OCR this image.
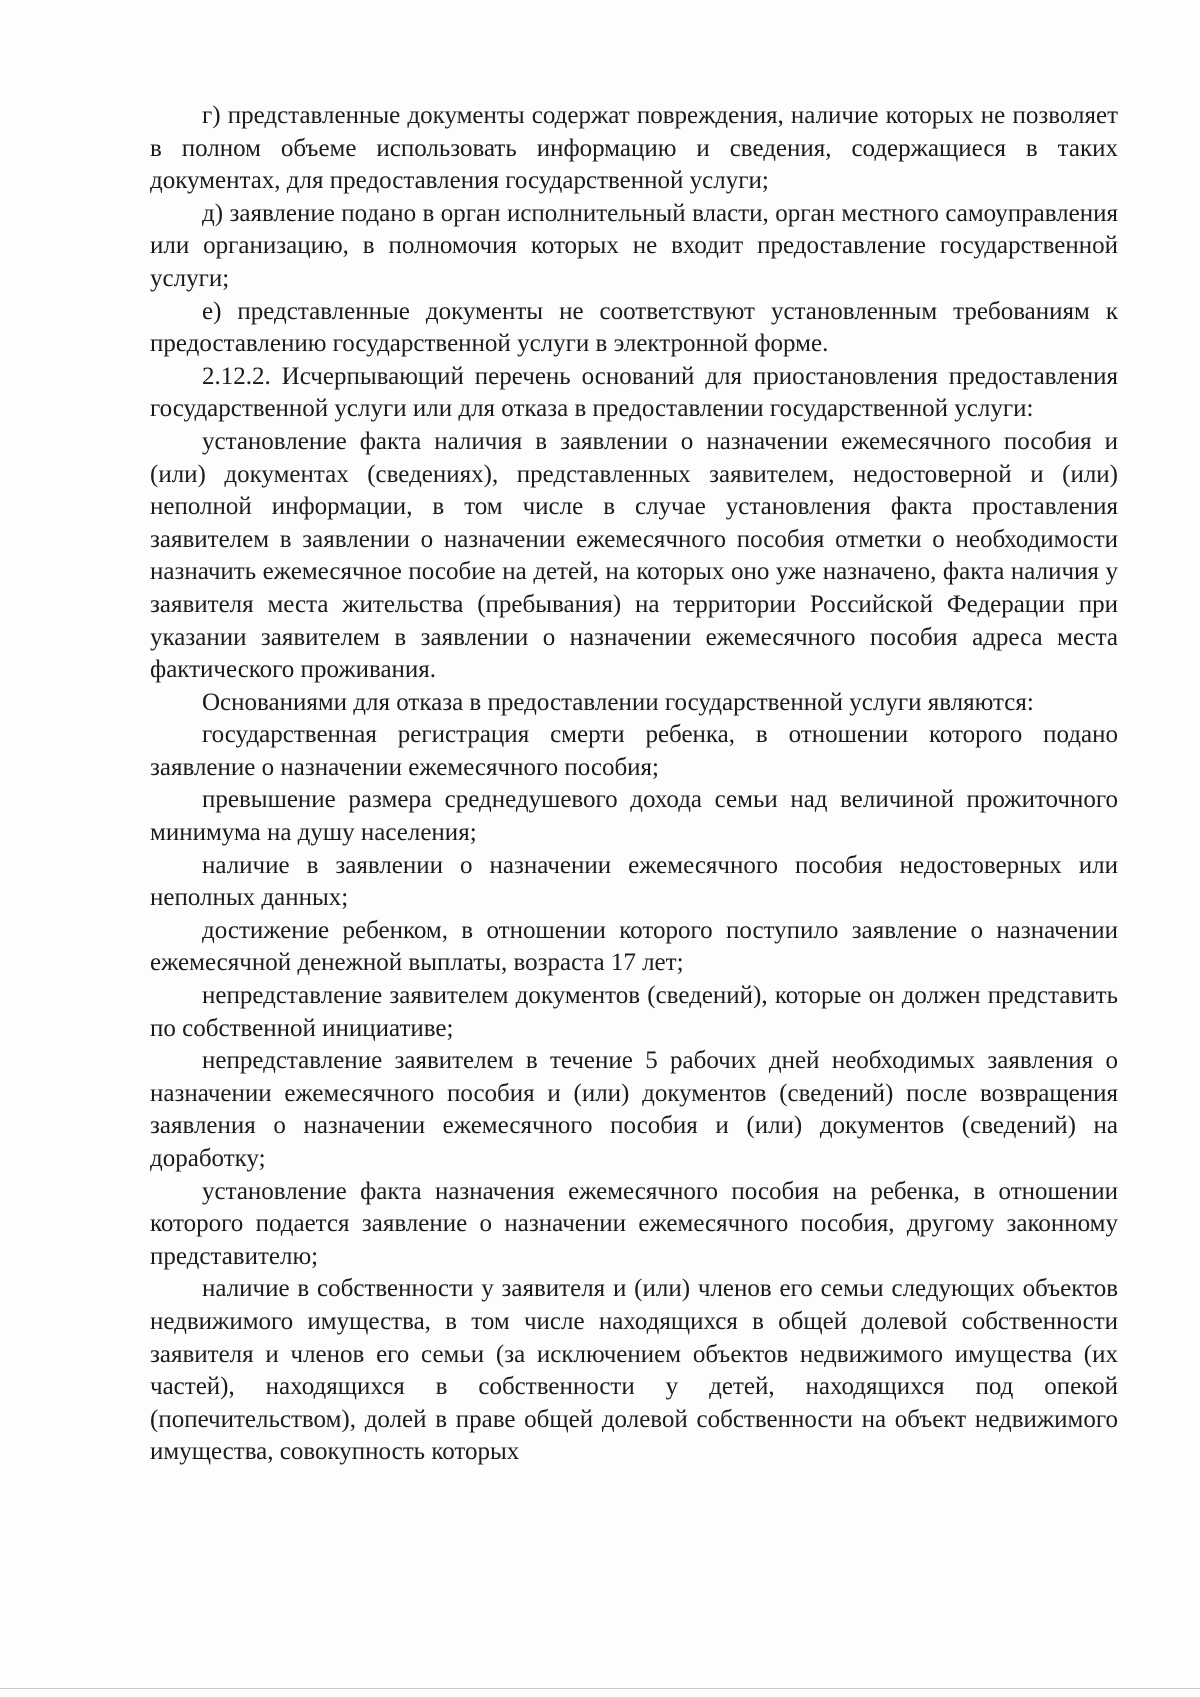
г) представленные документы содержат повреждения, наличие которых не позволяет в полном объеме использовать информацию и сведения, содержащиеся в таких документах, для предоставления государственной услуги;

д) заявление подано в орган исполнительный власти, орган местного самоуправления или организацию, в полномочия которых не входит предоставление государственной услуги;

е) представленные документы не соответствуют установленным требованиям к предоставлению государственной услуги в электронной форме.

2.12.2. Исчерпывающий перечень оснований для приостановления предоставления государственной услуги или для отказа в предоставлении государственной услуги:

установление факта наличия в заявлении о назначении ежемесячного пособия и (или) документах (сведениях), представленных заявителем, недостоверной и (или) неполной информации, в том числе в случае установления факта проставления заявителем в заявлении о назначении ежемесячного пособия отметки о необходимости назначить ежемесячное пособие на детей, на которых оно уже назначено, факта наличия у заявителя места жительства (пребывания) на территории Российской Федерации при указании заявителем в заявлении о назначении ежемесячного пособия адреса места фактического проживания.

Основаниями для отказа в предоставлении государственной услуги являются:

государственная регистрация смерти ребенка, в отношении которого подано заявление о назначении ежемесячного пособия;

превышение размера среднедушевого дохода семьи над величиной прожиточного минимума на душу населения;

наличие в заявлении о назначении ежемесячного пособия недостоверных или неполных данных;

достижение ребенком, в отношении которого поступило заявление о назначении ежемесячной денежной выплаты, возраста 17 лет;

непредставление заявителем документов (сведений), которые он должен представить по собственной инициативе;

непредставление заявителем в течение 5 рабочих дней необходимых заявления о назначении ежемесячного пособия и (или) документов (сведений) после возвращения заявления о назначении ежемесячного пособия и (или) документов (сведений) на доработку;

установление факта назначения ежемесячного пособия на ребенка, в отношении которого подается заявление о назначении ежемесячного пособия, другому законному представителю;

наличие в собственности у заявителя и (или) членов его семьи следующих объектов недвижимого имущества, в том числе находящихся в общей долевой собственности заявителя и членов его семьи (за исключением объектов недвижимого имущества (их частей), находящихся в собственности у детей, находящихся под опекой (попечительством), долей в праве общей долевой собственности на объект недвижимого имущества, совокупность которых
